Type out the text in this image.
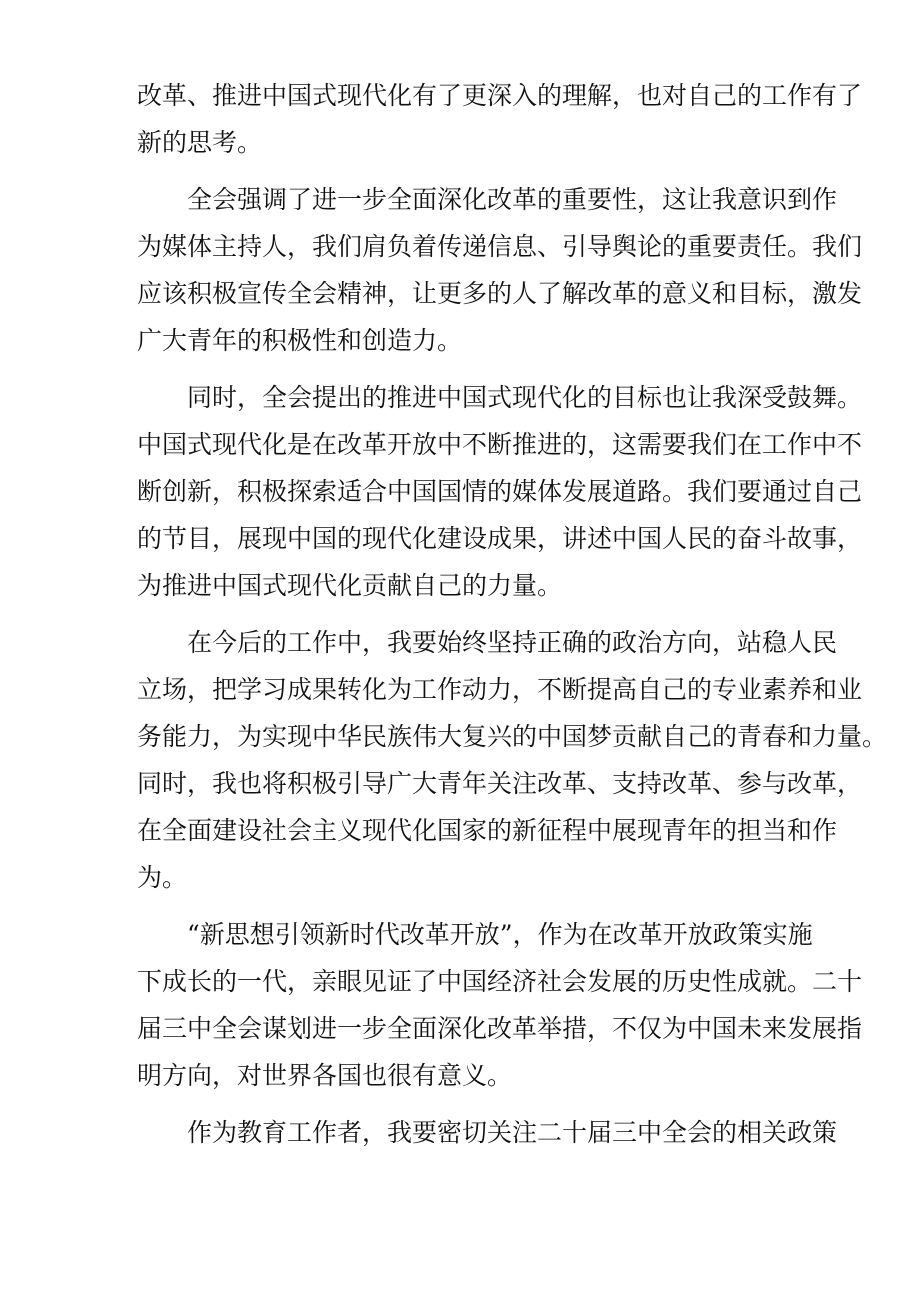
改革、推进中国式现代化有了更深入的理解，也对自己的工作有了
新的思考。
全会强调了进一步全面深化改革的重要性，这让我意识到作
为媒体主持人，我们肩负着传递信息、引导舆论的重要责任。我们
应该积极宣传全会精神，让更多的人了解改革的意义和目标，激发
广大青年的积极性和创造力。
同时，全会提出的推进中国式现代化的目标也让我深受鼓舞。
中国式现代化是在改革开放中不断推进的，这需要我们在工作中不
断创新，积极探索适合中国国情的媒体发展道路。我们要通过自己
的节目，展现中国的现代化建设成果，讲述中国人民的奋斗故事，
为推进中国式现代化贡献自己的力量。
在今后的工作中，我要始终坚持正确的政治方向，站稳人民
立场，把学习成果转化为工作动力，不断提高自己的专业素养和业
务能力，为实现中华民族伟大复兴的中国梦贡献自己的青春和力量。
同时，我也将积极引导广大青年关注改革、支持改革、参与改革，
在全面建设社会主义现代化国家的新征程中展现青年的担当和作
为。
“新思想引领新时代改革开放”，作为在改革开放政策实施
下成长的一代，亲眼见证了中国经济社会发展的历史性成就。二十
届三中全会谋划进一步全面深化改革举措，不仅为中国未来发展指
明方向，对世界各国也很有意义。
作为教育工作者，我要密切关注二十届三中全会的相关政策
